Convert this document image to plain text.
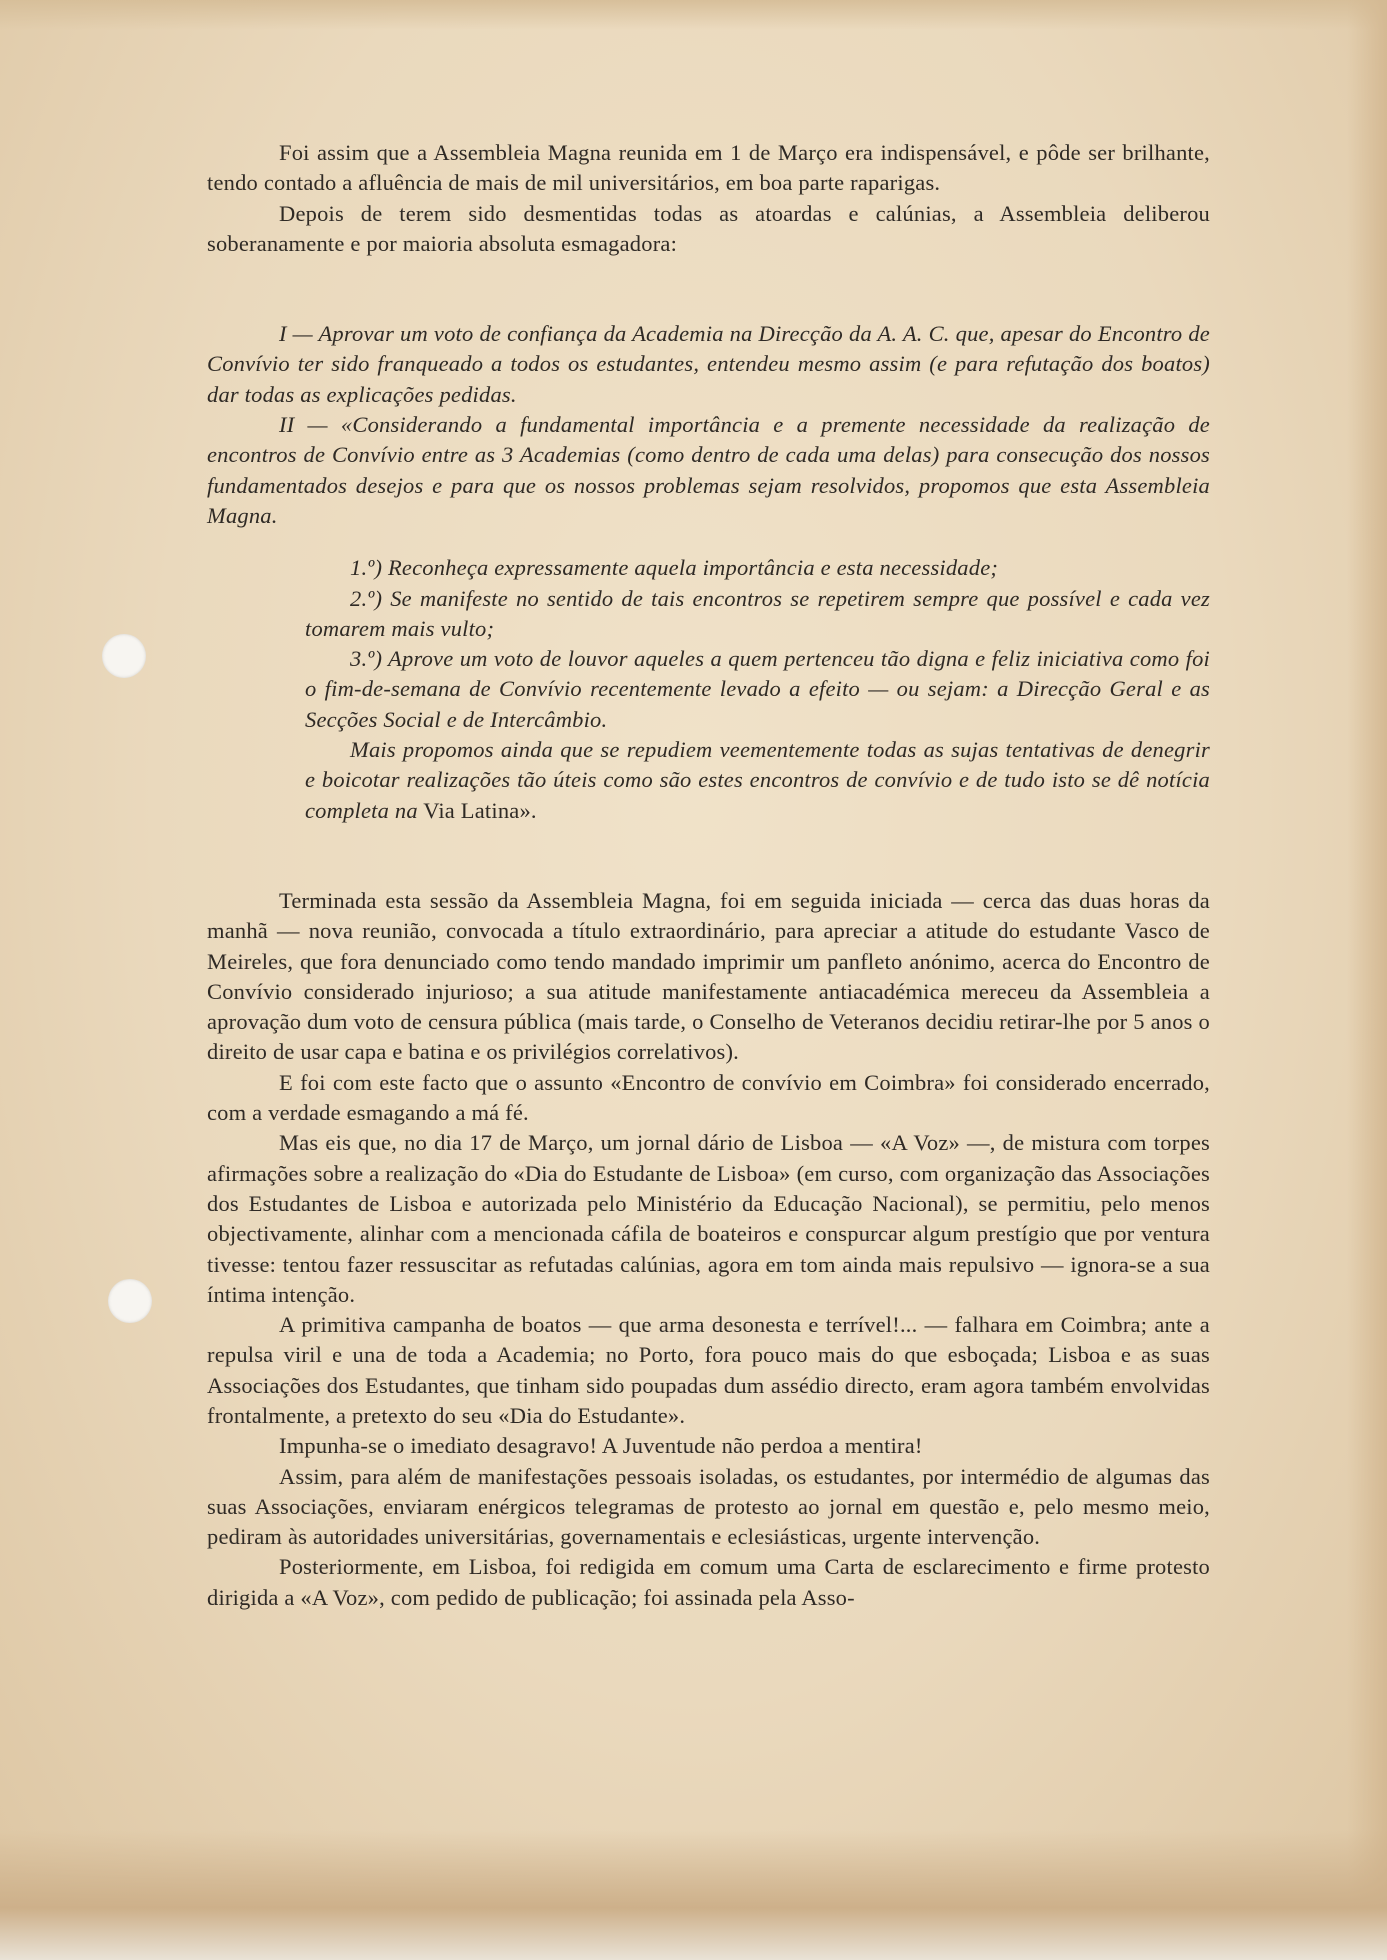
Foi assim que a Assembleia Magna reunida em 1 de Março era indispensável, e pôde ser brilhante, tendo contado a afluência de mais de mil universitários, em boa parte raparigas.

Depois de terem sido desmentidas todas as atoardas e calúnias, a Assembleia deliberou soberanamente e por maioria absoluta esmagadora:

I — Aprovar um voto de confiança da Academia na Direcção da A. A. C. que, apesar do Encontro de Convívio ter sido franqueado a todos os estudantes, entendeu mesmo assim (e para refutação dos boatos) dar todas as explicações pedidas.

II — «Considerando a fundamental importância e a premente necessidade da realização de encontros de Convívio entre as 3 Academias (como dentro de cada uma delas) para consecução dos nossos fundamentados desejos e para que os nossos problemas sejam resolvidos, propomos que esta Assembleia Magna.

1.º) Reconheça expressamente aquela importância e esta necessidade;

2.º) Se manifeste no sentido de tais encontros se repetirem sempre que possível e cada vez tomarem mais vulto;

3.º) Aprove um voto de louvor aqueles a quem pertenceu tão digna e feliz iniciativa como foi o fim-de-semana de Convívio recentemente levado a efeito — ou sejam: a Direcção Geral e as Secções Social e de Intercâmbio.

Mais propomos ainda que se repudiem veementemente todas as sujas tentativas de denegrir e boicotar realizações tão úteis como são estes encontros de convívio e de tudo isto se dê notícia completa na Via Latina».

Terminada esta sessão da Assembleia Magna, foi em seguida iniciada — cerca das duas horas da manhã — nova reunião, convocada a título extraordinário, para apreciar a atitude do estudante Vasco de Meireles, que fora denunciado como tendo mandado imprimir um panfleto anónimo, acerca do Encontro de Convívio considerado injurioso; a sua atitude manifestamente antiacadémica mereceu da Assembleia a aprovação dum voto de censura pública (mais tarde, o Conselho de Veteranos decidiu retirar-lhe por 5 anos o direito de usar capa e batina e os privilégios correlativos).

E foi com este facto que o assunto «Encontro de convívio em Coimbra» foi considerado encerrado, com a verdade esmagando a má fé.

Mas eis que, no dia 17 de Março, um jornal dário de Lisboa — «A Voz» —, de mistura com torpes afirmações sobre a realização do «Dia do Estudante de Lisboa» (em curso, com organização das Associações dos Estudantes de Lisboa e autorizada pelo Ministério da Educação Nacional), se permitiu, pelo menos objectivamente, alinhar com a mencionada cáfila de boateiros e conspurcar algum prestígio que por ventura tivesse: tentou fazer ressuscitar as refutadas calúnias, agora em tom ainda mais repulsivo — ignora-se a sua íntima intenção.

A primitiva campanha de boatos — que arma desonesta e terrível!... — falhara em Coimbra; ante a repulsa viril e una de toda a Academia; no Porto, fora pouco mais do que esboçada; Lisboa e as suas Associações dos Estudantes, que tinham sido poupadas dum assédio directo, eram agora também envolvidas frontalmente, a pretexto do seu «Dia do Estudante».

Impunha-se o imediato desagravo! A Juventude não perdoa a mentira!

Assim, para além de manifestações pessoais isoladas, os estudantes, por intermédio de algumas das suas Associações, enviaram enérgicos telegramas de protesto ao jornal em questão e, pelo mesmo meio, pediram às autoridades universitárias, governamentais e eclesiásticas, urgente intervenção.

Posteriormente, em Lisboa, foi redigida em comum uma Carta de esclarecimento e firme protesto dirigida a «A Voz», com pedido de publicação; foi assinada pela Asso-
